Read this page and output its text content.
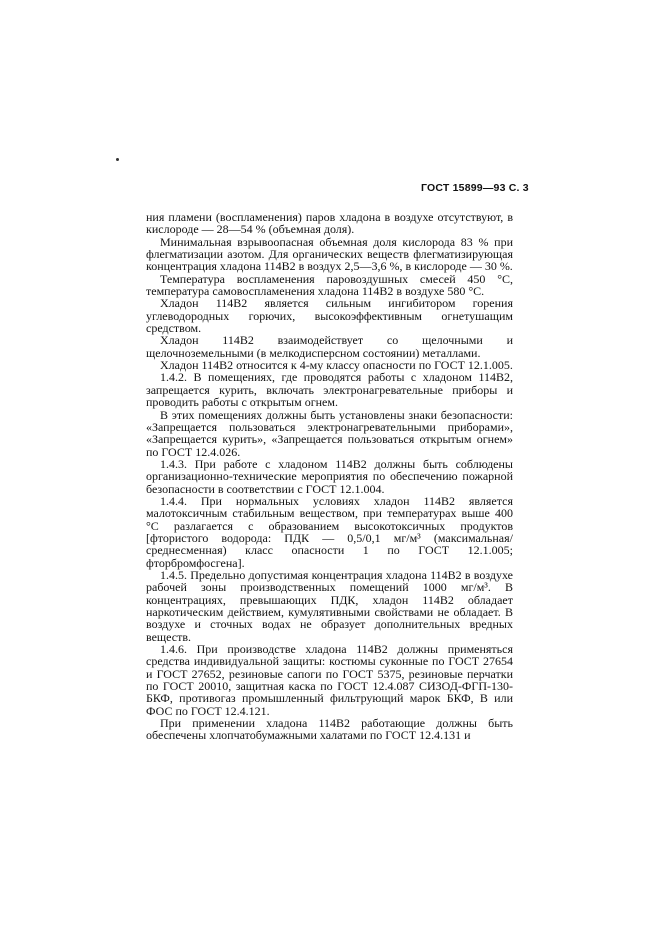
ГОСТ 15899—93 С. 3

ния пламени (воспламенения) паров хладона в воздухе отсутствуют, в кислороде — 28—54 % (объемная доля).

Минимальная взрывоопасная объемная доля кислорода 83 % при флегматизации азотом. Для органических веществ флегматизирующая концентрация хладона 114В2 в воздух 2,5—3,6 %, в кислороде — 30 %.

Температура воспламенения паровоздушных смесей 450 °С, температура самовоспламенения хладона 114В2 в воздухе 580 °С.

Хладон 114В2 является сильным ингибитором горения углеводородных горючих, высокоэффективным огнетушащим средством.

Хладон 114В2 взаимодействует со щелочными и щелочноземельными (в мелкодисперсном состоянии) металлами.

Хладон 114В2 относится к 4-му классу опасности по ГОСТ 12.1.005.

1.4.2. В помещениях, где проводятся работы с хладоном 114В2, запрещается курить, включать электронагревательные приборы и проводить работы с открытым огнем.

В этих помещениях должны быть установлены знаки безопасности: «Запрещается пользоваться электронагревательными приборами», «Запрещается курить», «Запрещается пользоваться открытым огнем» по ГОСТ 12.4.026.

1.4.3. При работе с хладоном 114В2 должны быть соблюдены организационно-технические мероприятия по обеспечению пожарной безопасности в соответствии с ГОСТ 12.1.004.

1.4.4. При нормальных условиях хладон 114В2 является малотоксичным стабильным веществом, при температурах выше 400 °С разлагается с образованием высокотоксичных продуктов [фтористого водорода: ПДК — 0,5/0,1 мг/м³ (максимальная/среднесменная) класс опасности 1 по ГОСТ 12.1.005; фторбромфосгена].

1.4.5. Предельно допустимая концентрация хладона 114В2 в воздухе рабочей зоны производственных помещений 1000 мг/м³. В концентрациях, превышающих ПДК, хладон 114В2 обладает наркотическим действием, кумулятивными свойствами не обладает. В воздухе и сточных водах не образует дополнительных вредных веществ.

1.4.6. При производстве хладона 114В2 должны применяться средства индивидуальной защиты: костюмы суконные по ГОСТ 27654 и ГОСТ 27652, резиновые сапоги по ГОСТ 5375, резиновые перчатки по ГОСТ 20010, защитная каска по ГОСТ 12.4.087 СИЗОД-ФГП-130-БКФ, противогаз промышленный фильтрующий марок БКФ, В или ФОС по ГОСТ 12.4.121.

При применении хладона 114В2 работающие должны быть обеспечены хлопчатобумажными халатами по ГОСТ 12.4.131 и
